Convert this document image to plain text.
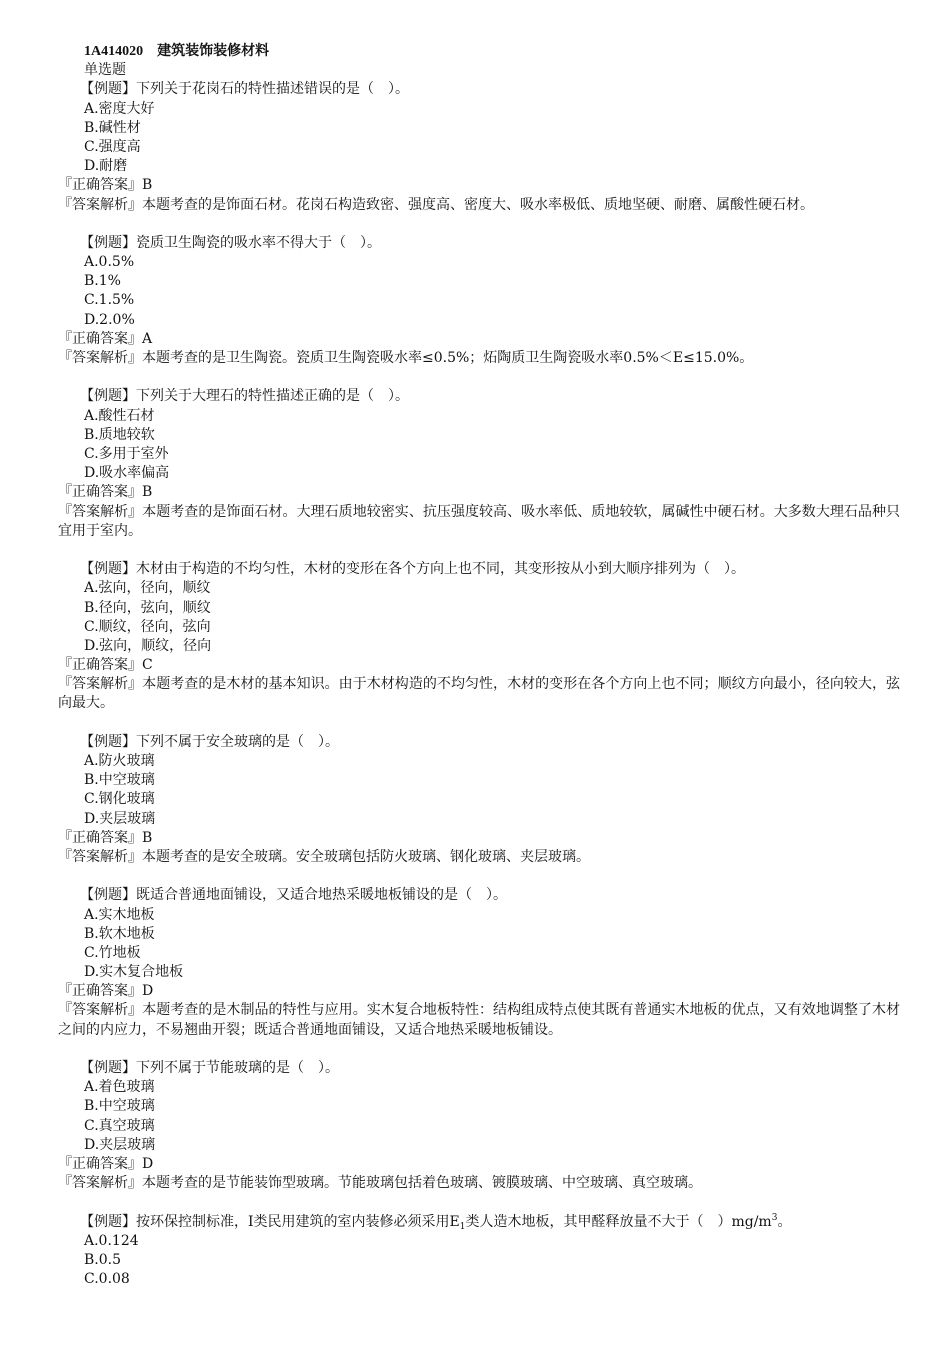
1A414020 建筑装饰装修材料
单选题
【例题】下列关于花岗石的特性描述错误的是（　）。
A.密度大好
B.碱性材
C.强度高
D.耐磨
『正确答案』B
『答案解析』本题考查的是饰面石材。花岗石构造致密、强度高、密度大、吸水率极低、质地坚硬、耐磨、属酸性硬石材。
【例题】瓷质卫生陶瓷的吸水率不得大于（　）。
A.0.5%
B.1%
C.1.5%
D.2.0%
『正确答案』A
『答案解析』本题考查的是卫生陶瓷。瓷质卫生陶瓷吸水率≤0.5%；炻陶质卫生陶瓷吸水率0.5%＜E≤15.0%。
【例题】下列关于大理石的特性描述正确的是（　）。
A.酸性石材
B.质地较软
C.多用于室外
D.吸水率偏高
『正确答案』B
『答案解析』本题考查的是饰面石材。大理石质地较密实、抗压强度较高、吸水率低、质地较软，属碱性中硬石材。大多数大理石品种只宜用于室内。
【例题】木材由于构造的不均匀性，木材的变形在各个方向上也不同，其变形按从小到大顺序排列为（　）。
A.弦向，径向，顺纹
B.径向，弦向，顺纹
C.顺纹，径向，弦向
D.弦向，顺纹，径向
『正确答案』C
『答案解析』本题考查的是木材的基本知识。由于木材构造的不均匀性，木材的变形在各个方向上也不同；顺纹方向最小，径向较大，弦向最大。
【例题】下列不属于安全玻璃的是（　）。
A.防火玻璃
B.中空玻璃
C.钢化玻璃
D.夹层玻璃
『正确答案』B
『答案解析』本题考查的是安全玻璃。安全玻璃包括防火玻璃、钢化玻璃、夹层玻璃。
【例题】既适合普通地面铺设，又适合地热采暖地板铺设的是（　）。
A.实木地板
B.软木地板
C.竹地板
D.实木复合地板
『正确答案』D
『答案解析』本题考查的是木制品的特性与应用。实木复合地板特性：结构组成特点使其既有普通实木地板的优点，又有效地调整了木材之间的内应力，不易翘曲开裂；既适合普通地面铺设，又适合地热采暖地板铺设。
【例题】下列不属于节能玻璃的是（　）。
A.着色玻璃
B.中空玻璃
C.真空玻璃
D.夹层玻璃
『正确答案』D
『答案解析』本题考查的是节能装饰型玻璃。节能玻璃包括着色玻璃、镀膜玻璃、中空玻璃、真空玻璃。
【例题】按环保控制标准，I类民用建筑的室内装修必须采用$E_1$类人造木地板，其甲醛释放量不大于（　）$mg/m^3$。
A.0.124
B.0.5
C.0.08
